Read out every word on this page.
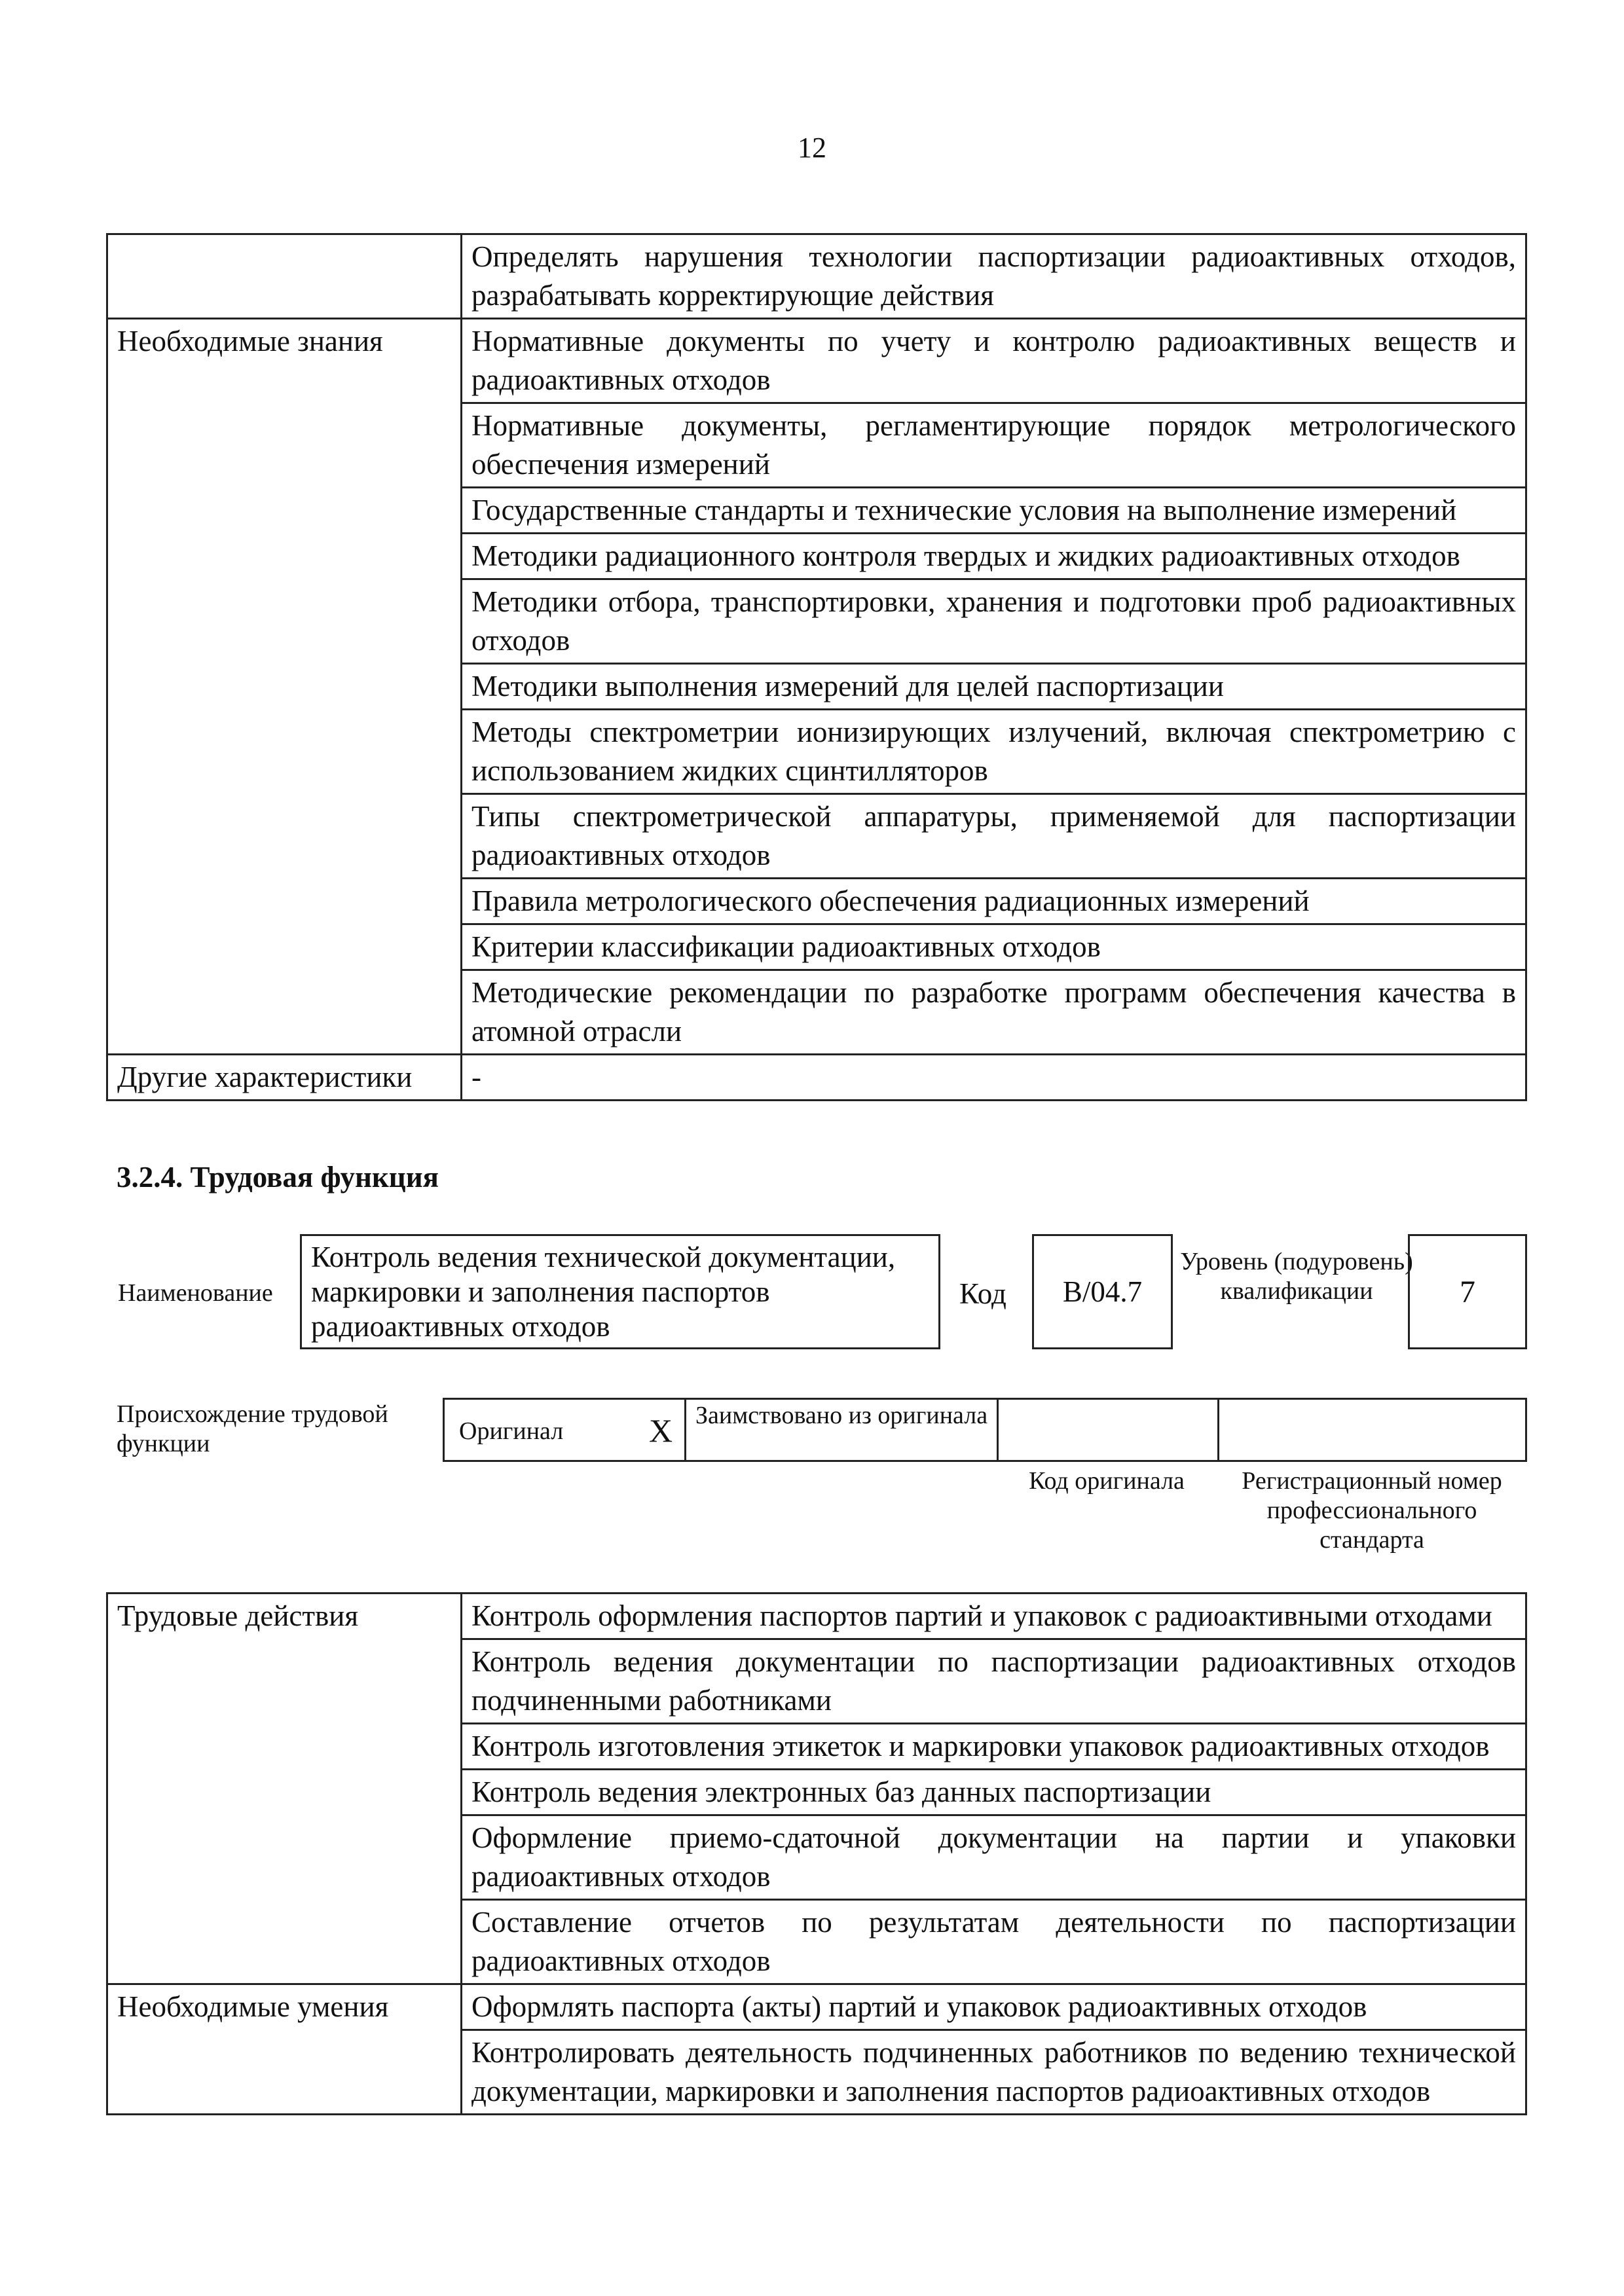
12
	Определять нарушения технологии паспортизации радиоактивных отходов, разрабатывать корректирующие действия
Необходимые знания	Нормативные документы по учету и контролю радиоактивных веществ и радиоактивных отходов
	Нормативные документы, регламентирующие порядок метрологического обеспечения измерений
	Государственные стандарты и технические условия на выполнение измерений
	Методики радиационного контроля твердых и жидких радиоактивных отходов
	Методики отбора, транспортировки, хранения и подготовки проб радиоактивных отходов
	Методики выполнения измерений для целей паспортизации
	Методы спектрометрии ионизирующих излучений, включая спектрометрию с использованием жидких сцинтилляторов
	Типы спектрометрической аппаратуры, применяемой для паспортизации радиоактивных отходов
	Правила метрологического обеспечения радиационных измерений
	Критерии классификации радиоактивных отходов
	Методические рекомендации по разработке программ обеспечения качества в атомной отрасли
Другие характеристики	-
3.2.4. Трудовая функция
Наименование
Контроль ведения технической документации, маркировки и заполнения паспортов радиоактивных отходов
Код B/04.7
Уровень (подуровень) квалификации	7
Происхождение трудовой функции	Оригинал	X Заимствовано из оригинала
Код оригинала	Регистрационный номер профессионального стандарта
Трудовые действия	Контроль оформления паспортов партий и упаковок с радиоактивными отходами
	Контроль ведения документации по паспортизации радиоактивных отходов подчиненными работниками
	Контроль изготовления этикеток и маркировки упаковок радиоактивных отходов
	Контроль ведения электронных баз данных паспортизации
	Оформление приемо-сдаточной документации на партии и упаковки радиоактивных отходов
	Составление отчетов по результатам деятельности по паспортизации радиоактивных отходов
Необходимые умения	Оформлять паспорта (акты) партий и упаковок радиоактивных отходов
	Контролировать деятельность подчиненных работников по ведению технической документации, маркировки и заполнения паспортов радиоактивных отходов
